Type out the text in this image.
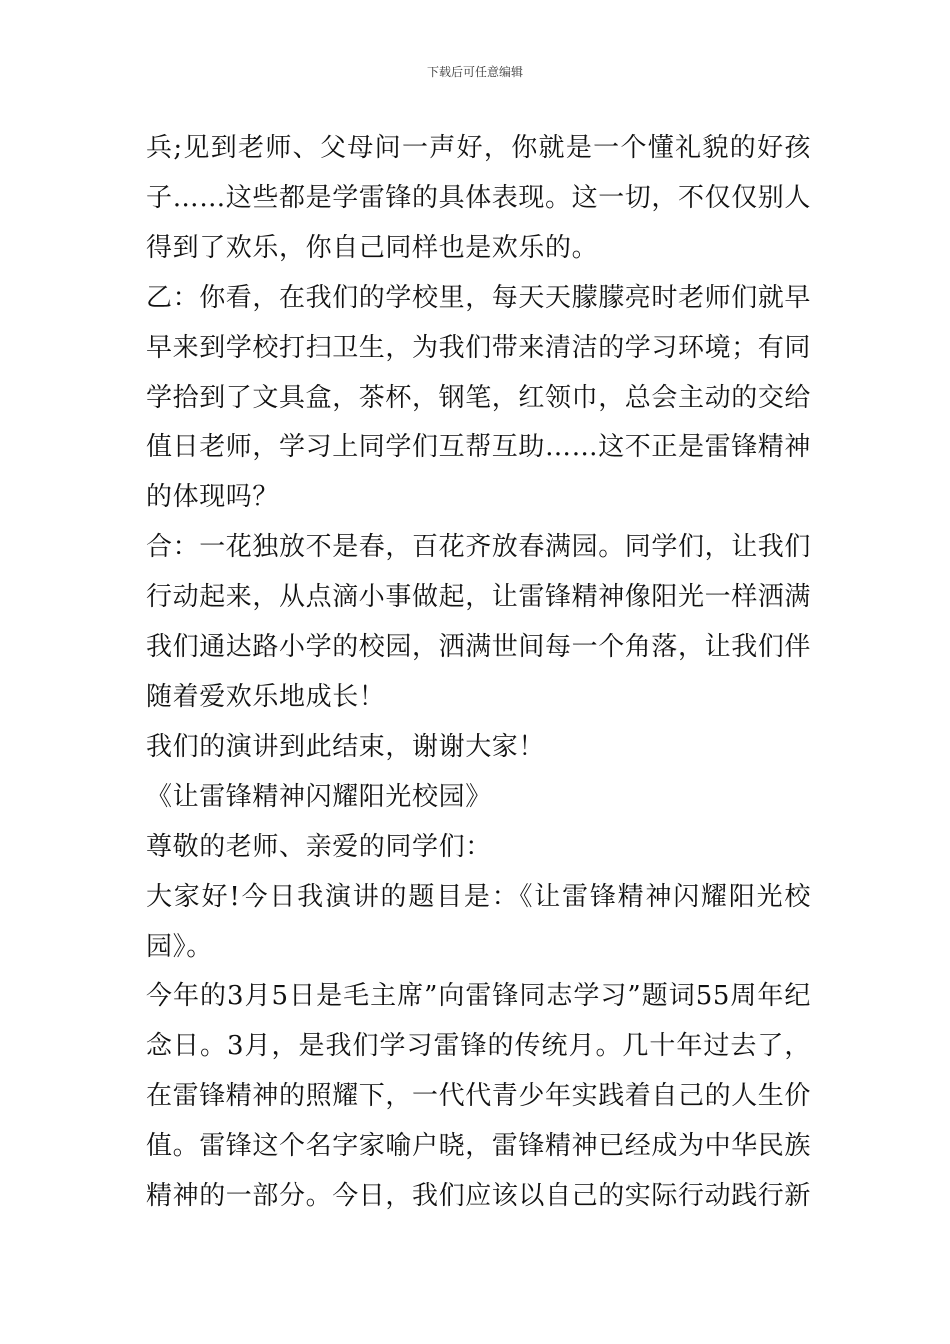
下载后可任意编辑

兵;见到老师、父母问一声好，你就是一个懂礼貌的好孩子……这些都是学雷锋的具体表现。这一切，不仅仅别人得到了欢乐，你自己同样也是欢乐的。

乙：你看，在我们的学校里，每天天朦朦亮时老师们就早早来到学校打扫卫生，为我们带来清洁的学习环境；有同学拾到了文具盒，茶杯，钢笔，红领巾，总会主动的交给值日老师，学习上同学们互帮互助……这不正是雷锋精神的体现吗？

合：一花独放不是春，百花齐放春满园。同学们，让我们行动起来，从点滴小事做起，让雷锋精神像阳光一样洒满我们通达路小学的校园，洒满世间每一个角落，让我们伴随着爱欢乐地成长！

我们的演讲到此结束，谢谢大家！

《让雷锋精神闪耀阳光校园》

尊敬的老师、亲爱的同学们：

大家好!今日我演讲的题目是：《让雷锋精神闪耀阳光校园》。

今年的3月5日是毛主席”向雷锋同志学习”题词55周年纪念日。3月，是我们学习雷锋的传统月。几十年过去了，在雷锋精神的照耀下，一代代青少年实践着自己的人生价值。雷锋这个名字家喻户晓，雷锋精神已经成为中华民族精神的一部分。今日，我们应该以自己的实际行动践行新
